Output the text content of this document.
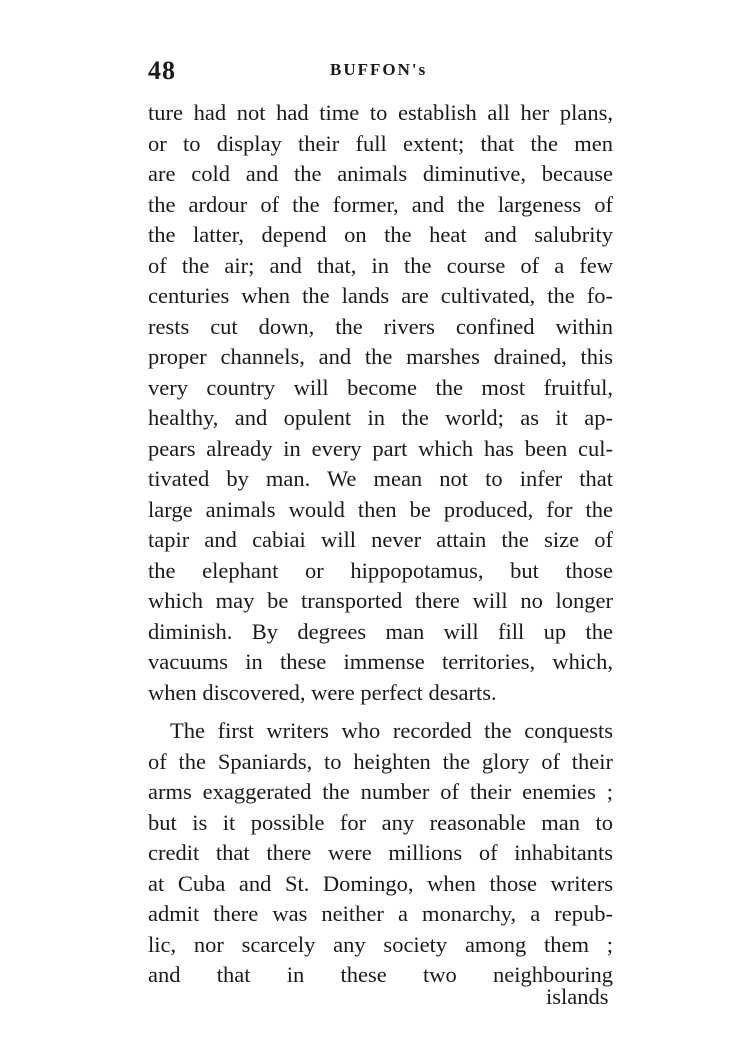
48	BUFFON's
ture had not had time to establish all her plans,
or to display their full extent; that the men
are cold and the animals diminutive, because
the ardour of the former, and the largeness of
the latter, depend on the heat and salubrity
of the air; and that, in the course of a few
centuries when the lands are cultivated, the fo-
rests cut down, the rivers confined within
proper channels, and the marshes drained, this
very country will become the most fruitful,
healthy, and opulent in the world; as it ap-
pears already in every part which has been cul-
tivated by man. We mean not to infer that
large animals would then be produced, for the
tapir and cabiai will never attain the size of
the elephant or hippopotamus, but those
which may be transported there will no longer
diminish. By degrees man will fill up the
vacuums in these immense territories, which,
when discovered, were perfect desarts.
The first writers who recorded the conquests
of the Spaniards, to heighten the glory of their
arms exaggerated the number of their enemies ;
but is it possible for any reasonable man to
credit that there were millions of inhabitants
at Cuba and St. Domingo, when those writers
admit there was neither a monarchy, a repub-
lic, nor scarcely any society among them ;
and that in these two neighbouring
islands
